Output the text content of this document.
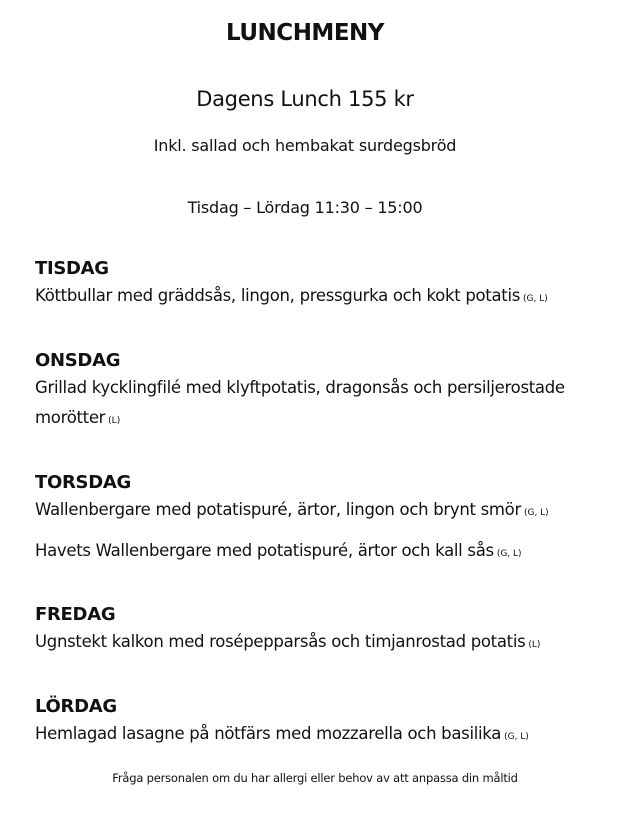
LUNCHMENY
Dagens Lunch 155 kr
Inkl. sallad och hembakat surdegsbröd
Tisdag – Lördag 11:30 – 15:00
TISDAG
Köttbullar med gräddsås, lingon, pressgurka och kokt potatis (G, L)
ONSDAG
Grillad kycklingfilé med klyftpotatis, dragonsås och persiljerostade morötter (L)
TORSDAG
Wallenbergare med potatispuré, ärtor, lingon och brynt smör (G, L)
Havets Wallenbergare med potatispuré, ärtor och kall sås (G, L)
FREDAG
Ugnstekt kalkon med rosépepparsås och timjanrostad potatis (L)
LÖRDAG
Hemlagad lasagne på nötfärs med mozzarella och basilika (G, L)
Fråga personalen om du har allergi eller behov av att anpassa din måltid
